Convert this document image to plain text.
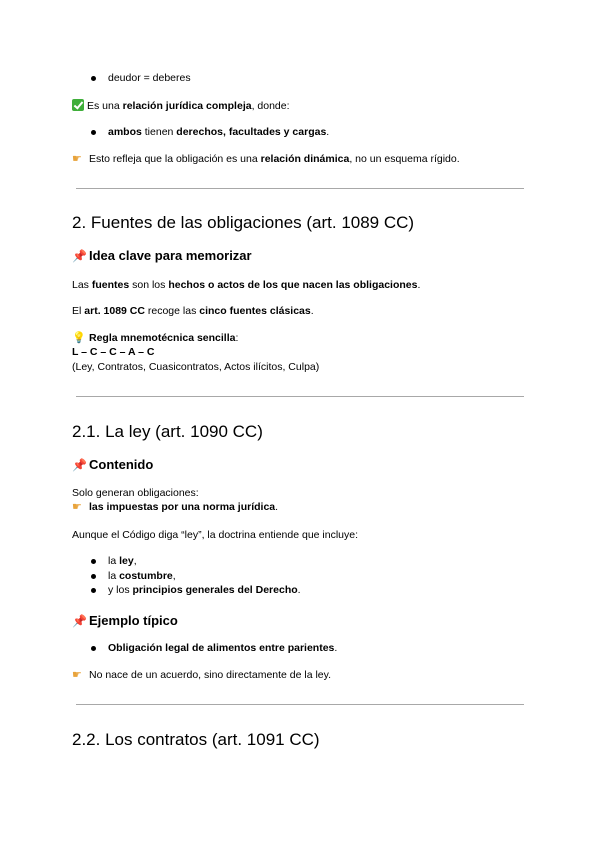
deudor = deberes
Es una relación jurídica compleja, donde:
ambos tienen derechos, facultades y cargas.
☛ Esto refleja que la obligación es una relación dinámica, no un esquema rígido.
2. Fuentes de las obligaciones (art. 1089 CC)
📌 Idea clave para memorizar
Las fuentes son los hechos o actos de los que nacen las obligaciones.
El art. 1089 CC recoge las cinco fuentes clásicas.
💡 Regla mnemotécnica sencilla:
L – C – C – A – C
(Ley, Contratos, Cuasicontratos, Actos ilícitos, Culpa)
2.1. La ley (art. 1090 CC)
📌 Contenido
Solo generan obligaciones:
☛ las impuestas por una norma jurídica.
Aunque el Código diga “ley”, la doctrina entiende que incluye:
la ley,
la costumbre,
y los principios generales del Derecho.
📌 Ejemplo típico
Obligación legal de alimentos entre parientes.
☛ No nace de un acuerdo, sino directamente de la ley.
2.2. Los contratos (art. 1091 CC)
